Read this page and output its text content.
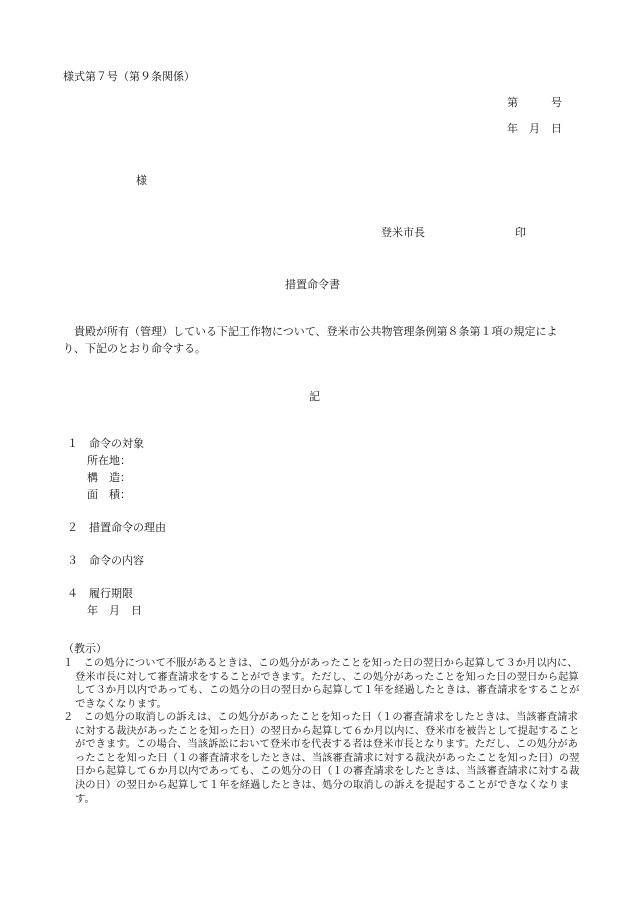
様式第７号（第９条関係）
第　　　号
年　月　日
様
登米市長	印
措置命令書
　貴殿が所有（管理）している下記工作物について、登米市公共物管理条例第８条第１項の規定により、下記のとおり命令する。
記
１　命令の対象
所在地：
構　造：
面　積：
２　措置命令の理由
３　命令の内容
４　履行期限
年　月　日
（教示）
１　この処分について不服があるときは、この処分があったことを知った日の翌日から起算して３か月以内に、登米市長に対して審査請求をすることができます。ただし、この処分があったことを知った日の翌日から起算して３か月以内であっても、この処分の日の翌日から起算して１年を経過したときは、審査請求をすることができなくなります。
２　この処分の取消しの訴えは、この処分があったことを知った日（１の審査請求をしたときは、当該審査請求に対する裁決があったことを知った日）の翌日から起算して６か月以内に、登米市を被告として提起することができます。この場合、当該訴訟において登米市を代表する者は登米市長となります。ただし、この処分があったことを知った日（１の審査請求をしたときは、当該審査請求に対する裁決があったことを知った日）の翌日から起算して６か月以内であっても、この処分の日（１の審査請求をしたときは、当該審査請求に対する裁決の日）の翌日から起算して１年を経過したときは、処分の取消しの訴えを提起することができなくなります。
